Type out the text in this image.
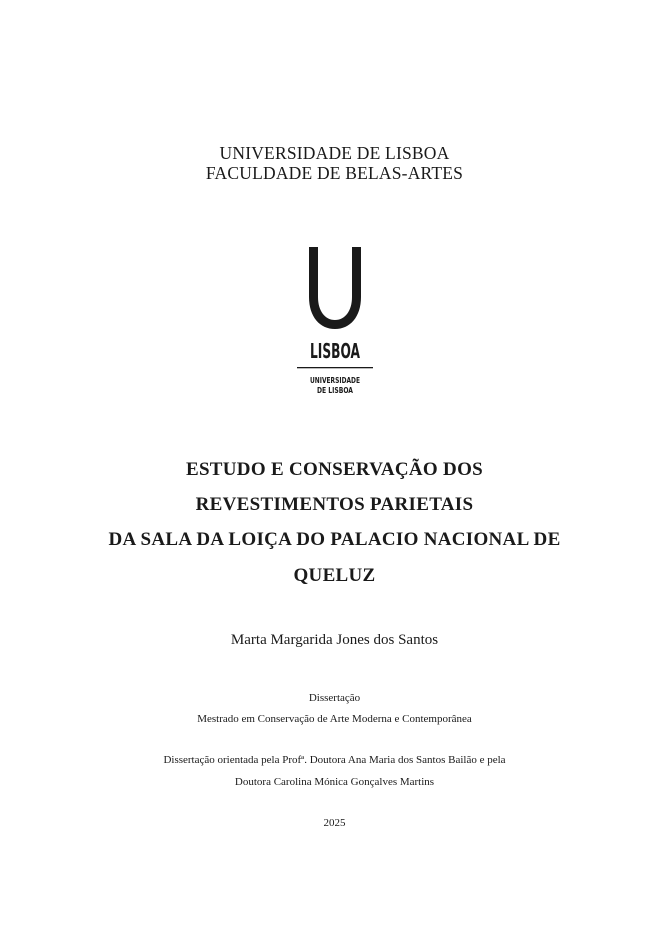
UNIVERSIDADE DE LISBOA
FACULDADE DE BELAS-ARTES
LISBOA
UNIVERSIDADE
DE LISBOA
ESTUDO E CONSERVAÇÃO DOS
REVESTIMENTOS PARIETAIS
DA SALA DA LOIÇA DO PALACIO NACIONAL DE
QUELUZ
Marta Margarida Jones dos Santos
Dissertação
Mestrado em Conservação de Arte Moderna e Contemporânea
Dissertação orientada pela Profª. Doutora Ana Maria dos Santos Bailão e pela
Doutora Carolina Mónica Gonçalves Martins
2025
